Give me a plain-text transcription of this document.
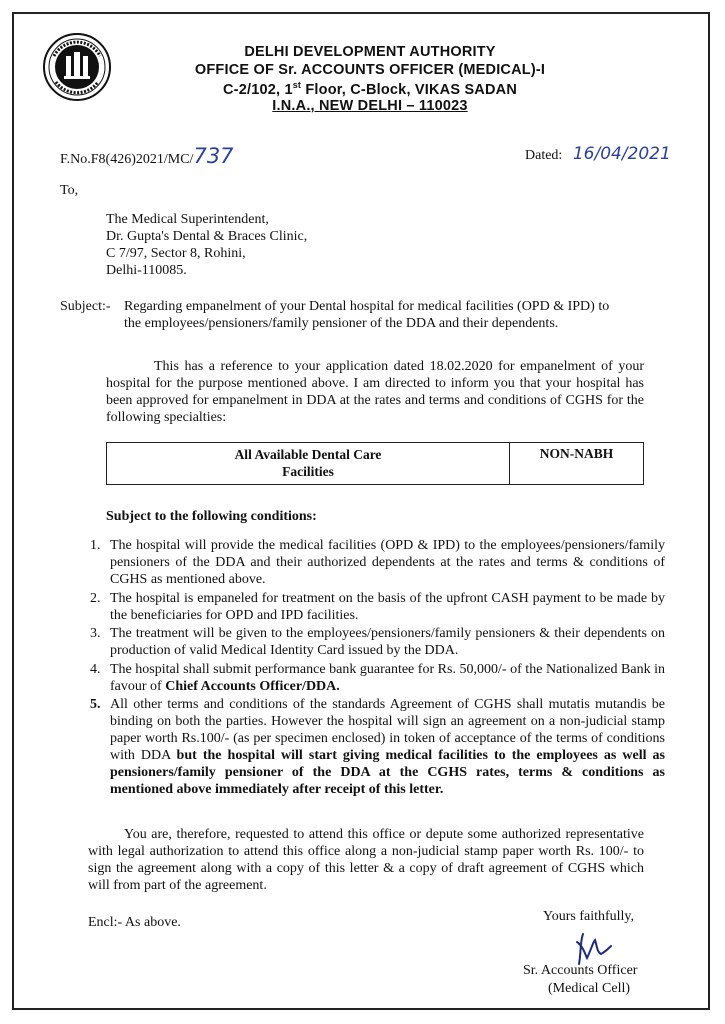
DELHI DEVELOPMENT AUTHORITY
OFFICE OF Sr. ACCOUNTS OFFICER (MEDICAL)-I
C-2/102, 1st Floor, C-Block, VIKAS SADAN
I.N.A., NEW DELHI – 110023
F.No.F8(426)2021/MC/737	Dated: 16/04/2021
To,
The Medical Superintendent,
Dr. Gupta's Dental & Braces Clinic,
C 7/97, Sector 8, Rohini,
Delhi-110085.
Subject:- Regarding empanelment of your Dental hospital for medical facilities (OPD & IPD) to
the employees/pensioners/family pensioner of the DDA and their dependents.
This has a reference to your application dated 18.02.2020 for empanelment of your hospital for the purpose mentioned above. I am directed to inform you that your hospital has been approved for empanelment in DDA at the rates and terms and conditions of CGHS for the following specialties:
All Available Dental Care
Facilities
NON-NABH
Subject to the following conditions:
1. The hospital will provide the medical facilities (OPD & IPD) to the employees/pensioners/family pensioners of the DDA and their authorized dependents at the rates and terms & conditions of CGHS as mentioned above.
2. The hospital is empaneled for treatment on the basis of the upfront CASH payment to be made by the beneficiaries for OPD and IPD facilities.
3. The treatment will be given to the employees/pensioners/family pensioners & their dependents on production of valid Medical Identity Card issued by the DDA.
4. The hospital shall submit performance bank guarantee for Rs. 50,000/- of the Nationalized Bank in favour of Chief Accounts Officer/DDA.
5. All other terms and conditions of the standards Agreement of CGHS shall mutatis mutandis be binding on both the parties. However the hospital will sign an agreement on a non-judicial stamp paper worth Rs.100/- (as per specimen enclosed) in token of acceptance of the terms of conditions with DDA but the hospital will start giving medical facilities to the employees as well as pensioners/family pensioner of the DDA at the CGHS rates, terms & conditions as mentioned above immediately after receipt of this letter.
You are, therefore, requested to attend this office or depute some authorized representative with legal authorization to attend this office along a non-judicial stamp paper worth Rs. 100/- to sign the agreement along with a copy of this letter & a copy of draft agreement of CGHS which will from part of the agreement.
Encl:- As above.	Yours faithfully,
Sr. Accounts Officer
(Medical Cell)
